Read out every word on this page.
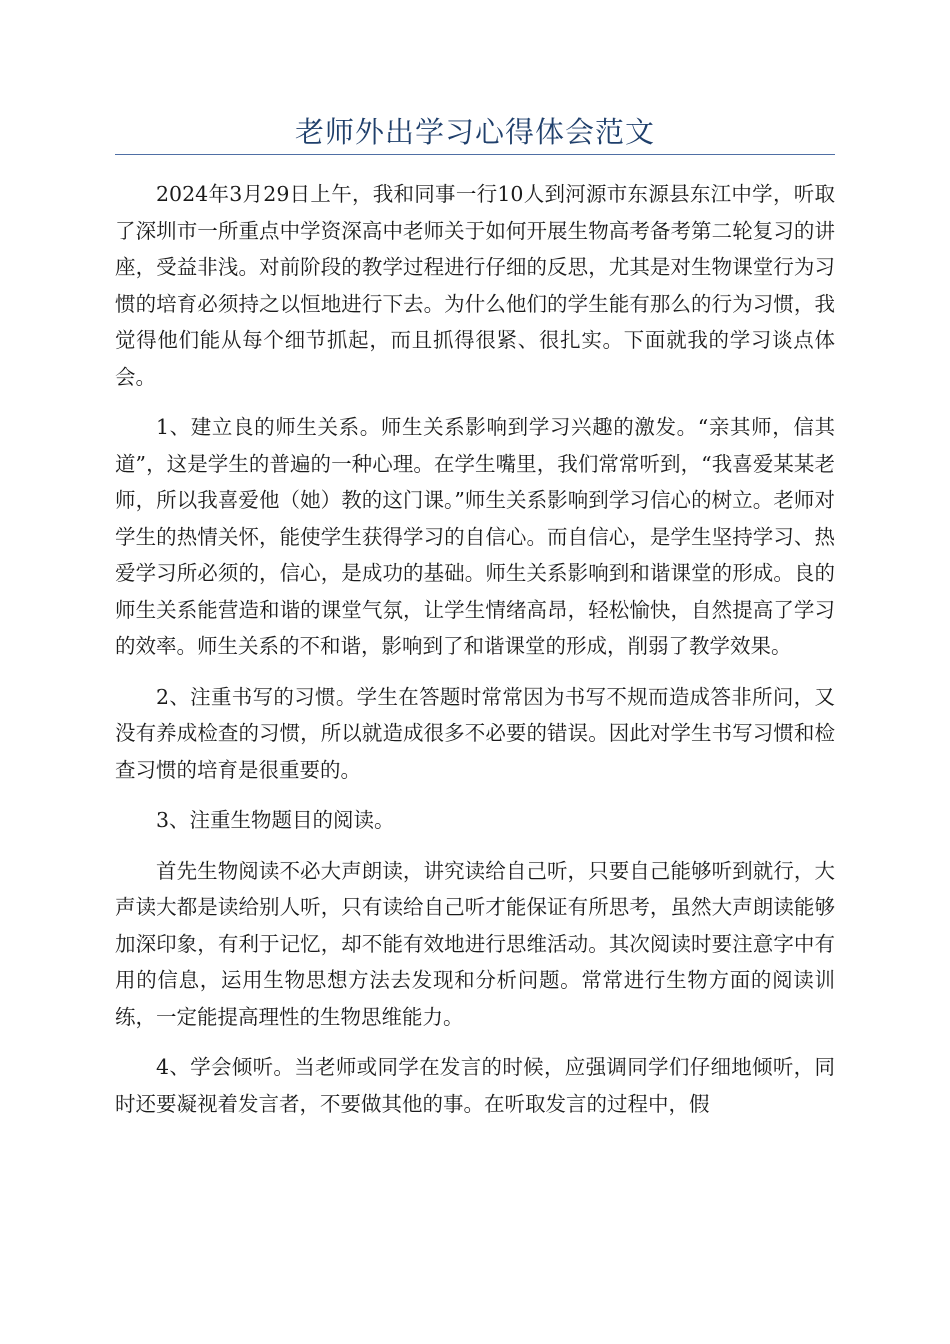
老师外出学习心得体会范文

2024年3月29日上午，我和同事一行10人到河源市东源县东江中学，听取了深圳市一所重点中学资深高中老师关于如何开展生物高考备考第二轮复习的讲座，受益非浅。对前阶段的教学过程进行仔细的反思，尤其是对生物课堂行为习惯的培育必须持之以恒地进行下去。为什么他们的学生能有那么的行为习惯，我觉得他们能从每个细节抓起，而且抓得很紧、很扎实。下面就我的学习谈点体会。

1、建立良的师生关系。师生关系影响到学习兴趣的激发。“亲其师，信其道”，这是学生的普遍的一种心理。在学生嘴里，我们常常听到，“我喜爱某某老师，所以我喜爱他（她）教的这门课。”师生关系影响到学习信心的树立。老师对学生的热情关怀，能使学生获得学习的自信心。而自信心，是学生坚持学习、热爱学习所必须的，信心，是成功的基础。师生关系影响到和谐课堂的形成。良的师生关系能营造和谐的课堂气氛，让学生情绪高昂，轻松愉快，自然提高了学习的效率。师生关系的不和谐，影响到了和谐课堂的形成，削弱了教学效果。

2、注重书写的习惯。学生在答题时常常因为书写不规而造成答非所问，又没有养成检查的习惯，所以就造成很多不必要的错误。因此对学生书写习惯和检查习惯的培育是很重要的。

3、注重生物题目的阅读。

首先生物阅读不必大声朗读，讲究读给自己听，只要自己能够听到就行，大声读大都是读给别人听，只有读给自己听才能保证有所思考，虽然大声朗读能够加深印象，有利于记忆，却不能有效地进行思维活动。其次阅读时要注意字中有用的信息，运用生物思想方法去发现和分析问题。常常进行生物方面的阅读训练，一定能提高理性的生物思维能力。

4、学会倾听。当老师或同学在发言的时候，应强调同学们仔细地倾听，同时还要凝视着发言者，不要做其他的事。在听取发言的过程中，假
